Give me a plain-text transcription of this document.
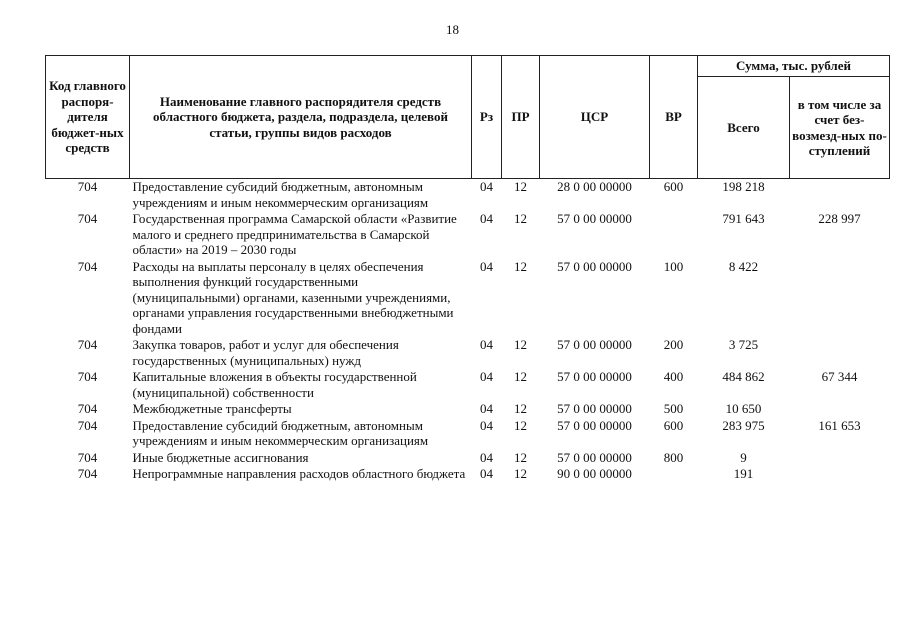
18
Код главного распоря-дителя бюджет-ных средств	Наименование главного распорядителя средств областного бюджета, раздела, подраздела, целевой статьи, группы видов расходов	Рз	ПР	ЦСР	ВР	Сумма, тыс. рублей	
						Всего	в том числе за счет без-возмезд-ных по-ступлений
704	Предоставление субсидий бюджетным, автономным учреждениям и иным некоммерческим организациям	04	12	28 0 00 00000	600	198 218	
704	Государственная программа Самарской области «Развитие малого и среднего предпринимательства в Самарской области» на 2019 – 2030 годы	04	12	57 0 00 00000		791 643	228 997
704	Расходы на выплаты персоналу в целях обеспечения выполнения функций государственными (муниципальными) органами, казенными учреждениями, органами управления государственными внебюджетными фондами	04	12	57 0 00 00000	100	8 422	
704	Закупка товаров, работ и услуг для обеспечения государственных (муниципальных) нужд	04	12	57 0 00 00000	200	3 725	
704	Капитальные вложения в объекты государственной (муниципальной) собственности	04	12	57 0 00 00000	400	484 862	67 344
704	Межбюджетные трансферты	04	12	57 0 00 00000	500	10 650	
704	Предоставление субсидий бюджетным, автономным учреждениям и иным некоммерческим организациям	04	12	57 0 00 00000	600	283 975	161 653
704	Иные бюджетные ассигнования	04	12	57 0 00 00000	800	9	
704	Непрограммные направления расходов областного бюджета	04	12	90 0 00 00000		191	
